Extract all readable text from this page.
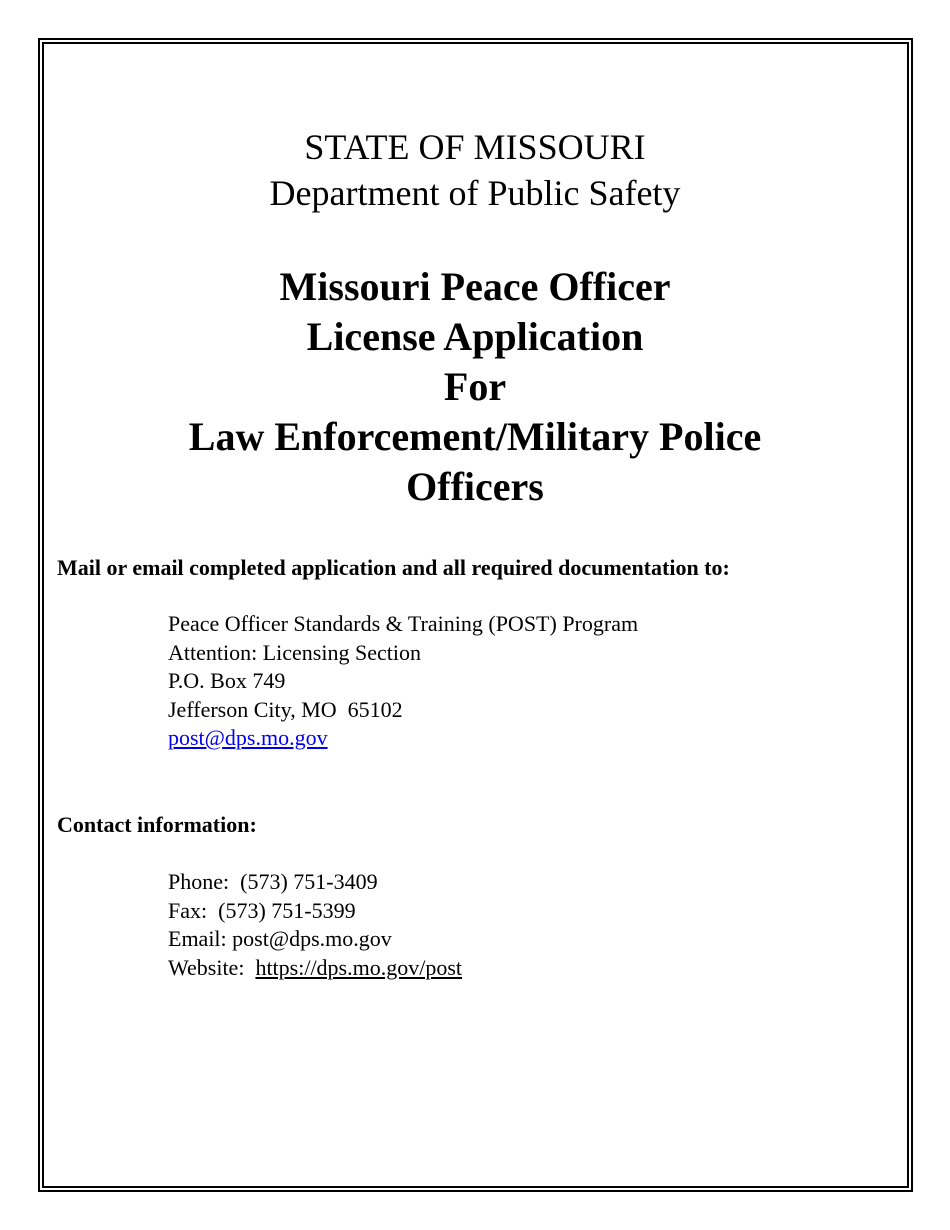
STATE OF MISSOURI

Department of Public Safety

Missouri Peace Officer

License Application

For

Law Enforcement/Military Police

Officers

Mail or email completed application and all required documentation to:

Peace Officer Standards & Training (POST) Program
Attention: Licensing Section
P.O. Box 749
Jefferson City, MO  65102
post@dps.mo.gov

Contact information:

Phone:  (573) 751-3409
Fax:  (573) 751-5399
Email: post@dps.mo.gov
Website:  https://dps.mo.gov/post
